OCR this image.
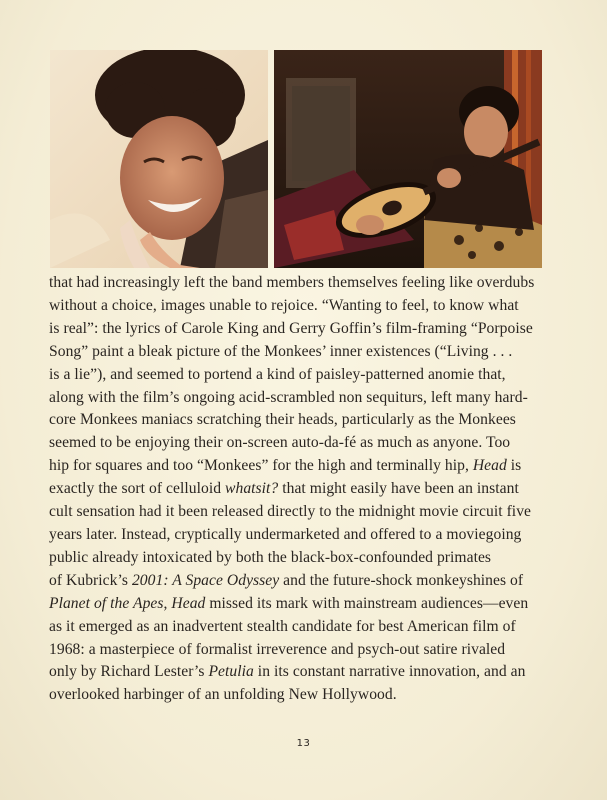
that had increasingly left the band members themselves feeling like overdubs
without a choice, images unable to rejoice. “Wanting to feel, to know what
is real”: the lyrics of Carole King and Gerry Goffin’s film-framing “Porpoise
Song” paint a bleak picture of the Monkees’ inner existences (“Living . . .
is a lie”), and seemed to portend a kind of paisley-patterned anomie that,
along with the film’s ongoing acid-scrambled non sequiturs, left many hard-
core Monkees maniacs scratching their heads, particularly as the Monkees
seemed to be enjoying their on-screen auto-da-fé as much as anyone. Too
hip for squares and too “Monkees” for the high and terminally hip, Head is
exactly the sort of celluloid whatsit? that might easily have been an instant
cult sensation had it been released directly to the midnight movie circuit five
years later. Instead, cryptically undermarketed and offered to a moviegoing
public already intoxicated by both the black-box-confounded primates
of Kubrick’s 2001: A Space Odyssey and the future-shock monkeyshines of
Planet of the Apes, Head missed its mark with mainstream audiences—even
as it emerged as an inadvertent stealth candidate for best American film of
1968: a masterpiece of formalist irreverence and psych-out satire rivaled
only by Richard Lester’s Petulia in its constant narrative innovation, and an
overlooked harbinger of an unfolding New Hollywood.
13
